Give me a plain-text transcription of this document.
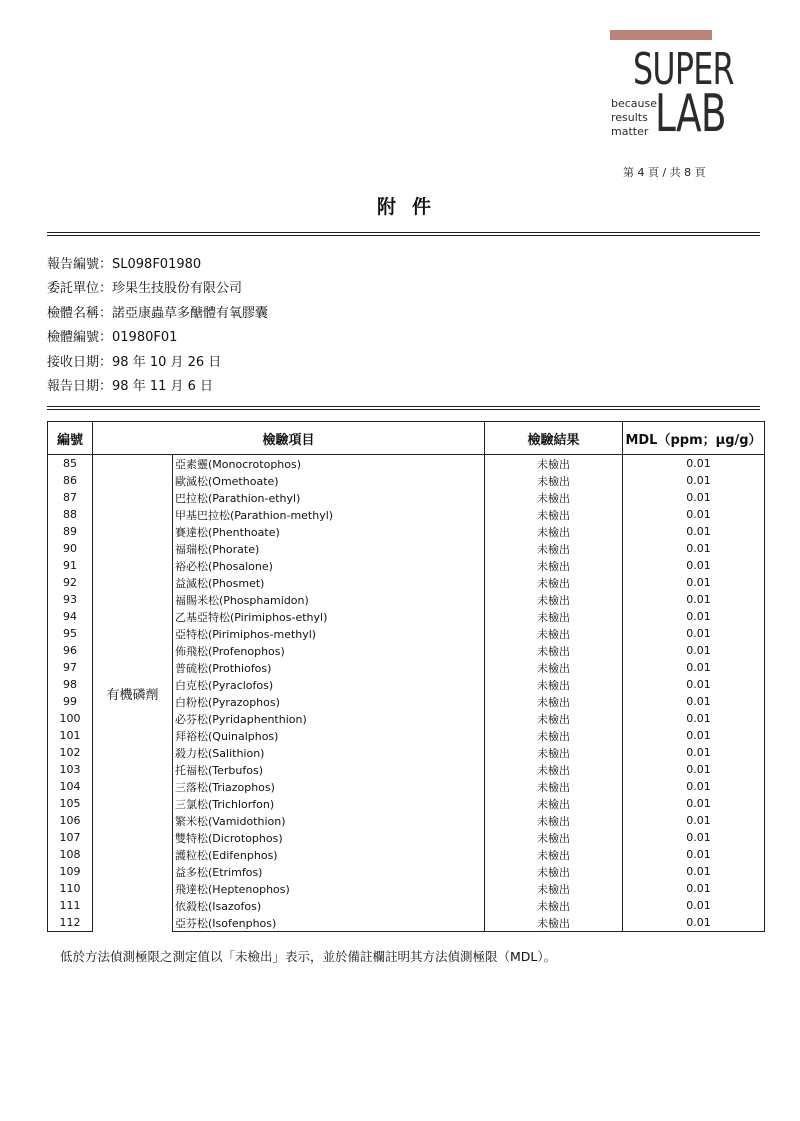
SUPER
because
results
matter LAB
第 4 頁 / 共 8 頁
附件
報告編號：SL098F01980
委託單位：珍果生技股份有限公司
檢體名稱：諾亞康蟲草多醣體有氧膠囊
檢體編號：01980F01
接收日期：98 年 10 月 26 日
報告日期：98 年 11 月 6 日
編號	檢驗項目		檢驗結果	MDL（ppm；μg/g）
85	有機磷劑	亞素靈(Monocrotophos)	未檢出	0.01
86		歐滅松(Omethoate)	未檢出	0.01
87		巴拉松(Parathion-ethyl)	未檢出	0.01
88		甲基巴拉松(Parathion-methyl)	未檢出	0.01
89		賽達松(Phenthoate)	未檢出	0.01
90		福瑞松(Phorate)	未檢出	0.01
91		裕必松(Phosalone)	未檢出	0.01
92		益滅松(Phosmet)	未檢出	0.01
93		福賜米松(Phosphamidon)	未檢出	0.01
94		乙基亞特松(Pirimiphos-ethyl)	未檢出	0.01
95		亞特松(Pirimiphos-methyl)	未檢出	0.01
96		佈飛松(Profenophos)	未檢出	0.01
97		普硫松(Prothiofos)	未檢出	0.01
98		白克松(Pyraclofos)	未檢出	0.01
99		白粉松(Pyrazophos)	未檢出	0.01
100		必芬松(Pyridaphenthion)	未檢出	0.01
101		拜裕松(Quinalphos)	未檢出	0.01
102		殺力松(Salithion)	未檢出	0.01
103		托福松(Terbufos)	未檢出	0.01
104		三落松(Triazophos)	未檢出	0.01
105		三氯松(Trichlorfon)	未檢出	0.01
106		繁米松(Vamidothion)	未檢出	0.01
107		雙特松(Dicrotophos)	未檢出	0.01
108		護粒松(Edifenphos)	未檢出	0.01
109		益多松(Etrimfos)	未檢出	0.01
110		飛達松(Heptenophos)	未檢出	0.01
111		依殺松(Isazofos)	未檢出	0.01
112		亞芬松(Isofenphos)	未檢出	0.01
低於方法偵測極限之測定值以「未檢出」表示，並於備註欄註明其方法偵測極限（MDL）。
